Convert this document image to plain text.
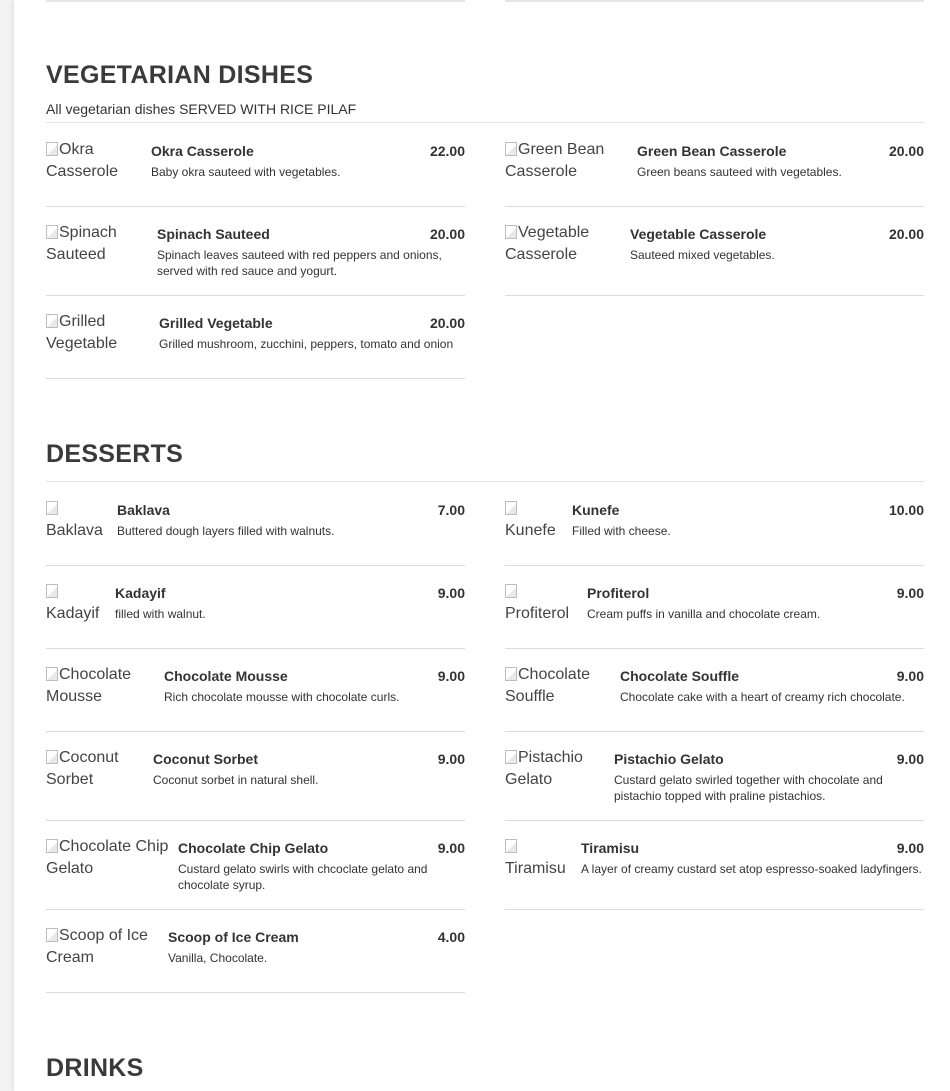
VEGETARIAN DISHES
All vegetarian dishes SERVED WITH RICE PILAF
Okra Casserole
Okra Casserole	22.00
Baby okra sauteed with vegetables.
Green Bean Casserole
Green Bean Casserole	20.00
Green beans sauteed with vegetables.
Spinach Sauteed
Spinach Sauteed	20.00
Spinach leaves sauteed with red peppers and onions, served with red sauce and yogurt.
Vegetable Casserole
Vegetable Casserole	20.00
Sauteed mixed vegetables.
Grilled Vegetable
Grilled Vegetable	20.00
Grilled mushroom, zucchini, peppers, tomato and onion
DESSERTS

Baklava
Baklava	7.00
Buttered dough layers filled with walnuts.	Kunefe
Kunefe	10.00
Filled with cheese.

Kadayif
Kadayif	9.00
filled with walnut.	Profiterol
Profiterol	9.00
Cream puffs in vanilla and chocolate cream.
Chocolate Mousse
Chocolate Mousse	9.00
Rich chocolate mousse with chocolate curls.
Chocolate Souffle
Chocolate Souffle	9.00
Chocolate cake with a heart of creamy rich chocolate.
Coconut Sorbet
Coconut Sorbet	9.00
Coconut sorbet in natural shell.
Pistachio Gelato
Pistachio Gelato	9.00
Custard gelato swirled together with chocolate and pistachio topped with praline pistachios.
Chocolate Chip Gelato
Chocolate Chip Gelato	9.00
Custard gelato swirls with chcoclate gelato and chocolate syrup.

Tiramisu
Tiramisu	9.00
A layer of creamy custard set atop espresso-soaked ladyfingers.
Scoop of Ice Cream
Scoop of Ice Cream	4.00
Vanilla, Chocolate.
DRINKS
